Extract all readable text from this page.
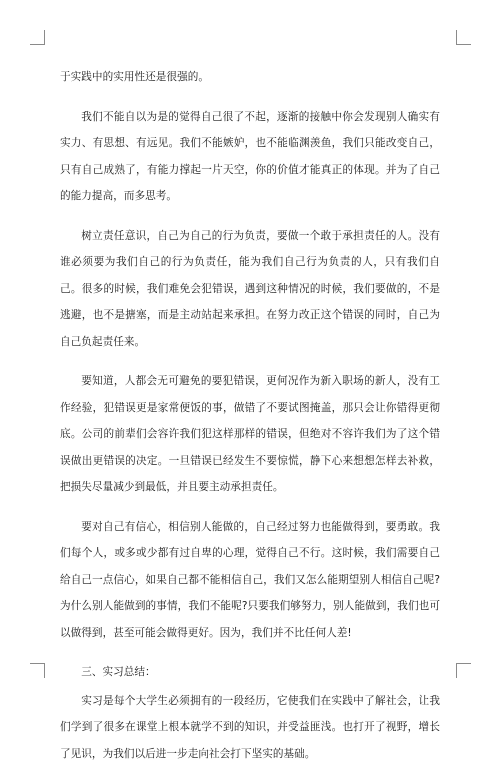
于实践中的实用性还是很强的。

我们不能自以为是的觉得自己很了不起，逐渐的接触中你会发现别人确实有实力、有思想、有远见。我们不能嫉妒，也不能临渊羡鱼，我们只能改变自己，只有自己成熟了，有能力撑起一片天空，你的价值才能真正的体现。并为了自己的能力提高，而多思考。

树立责任意识，自己为自己的行为负责，要做一个敢于承担责任的人。没有谁必须要为我们自己的行为负责任，能为我们自己行为负责的人，只有我们自己。很多的时候，我们难免会犯错误，遇到这种情况的时候，我们要做的，不是逃避，也不是搪塞，而是主动站起来承担。在努力改正这个错误的同时，自己为自己负起责任来。

要知道，人都会无可避免的要犯错误，更何况作为新入职场的新人，没有工作经验，犯错误更是家常便饭的事，做错了不要试图掩盖，那只会让你错得更彻底。公司的前辈们会容许我们犯这样那样的错误，但绝对不容许我们为了这个错误做出更错误的决定。一旦错误已经发生不要惊慌，静下心来想想怎样去补救，把损失尽量减少到最低，并且要主动承担责任。

要对自己有信心，相信别人能做的，自己经过努力也能做得到，要勇敢。我们每个人，或多或少都有过自卑的心理，觉得自己不行。这时候，我们需要自己给自己一点信心，如果自己都不能相信自己，我们又怎么能期望别人相信自己呢?为什么别人能做到的事情，我们不能呢?只要我们够努力，别人能做到，我们也可以做得到，甚至可能会做得更好。因为，我们并不比任何人差!

三、实习总结：

实习是每个大学生必须拥有的一段经历，它使我们在实践中了解社会，让我们学到了很多在课堂上根本就学不到的知识，并受益匪浅。也打开了视野，增长了见识，为我们以后进一步走向社会打下坚实的基础。
